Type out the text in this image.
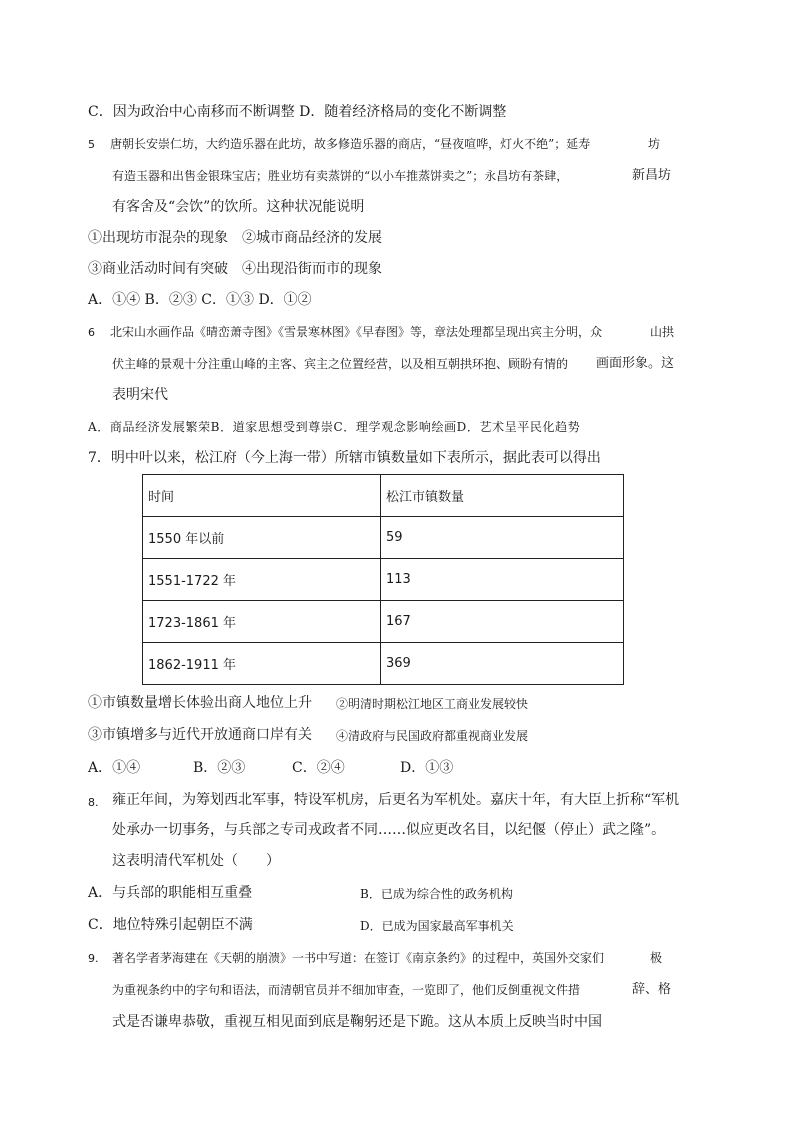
C．因为政治中心南移而不断调整 D．随着经济格局的变化不断调整
5 唐朝长安崇仁坊，大约造乐器在此坊，故多修造乐器的商店，“昼夜喧哗，灯火不绝”；延寿	坊
有造玉器和出售金银珠宝店；胜业坊有卖蒸饼的“以小车推蒸饼卖之”；永昌坊有茶肆，	新昌坊
有客舍及“会饮”的饮所。这种状况能说明
①出现坊市混杂的现象　②城市商品经济的发展
③商业活动时间有突破　④出现沿街而市的现象
A．①④ B．②③ C．①③ D．①②
6 北宋山水画作品《晴峦萧寺图》《雪景寒林图》《早春图》等，章法处理都呈现出宾主分明，众	山拱
伏主峰的景观十分注重山峰的主客、宾主之位置经营，以及相互朝拱环抱、顾盼有情的 画面形象。这
表明宋代
A．商品经济发展繁荣B．道家思想受到尊崇C．理学观念影响绘画D．艺术呈平民化趋势
7．明中叶以来，松江府（今上海一带）所辖市镇数量如下表所示，据此表可以得出
时间	松江市镇数量
1550 年以前	59
1551-1722 年	113
1723-1861 年	167
1862-1911 年	369
①市镇数量增长体验出商人地位上升 ②明清时期松江地区工商业发展较快
③市镇增多与近代开放通商口岸有关 ④清政府与民国政府都重视商业发展
A．①④	B．②③	C．②④	D．①③
8. 雍正年间，为筹划西北军事，特设军机房，后更名为军机处。嘉庆十年，有大臣上折称“军机
处承办一切事务，与兵部之专司戎政者不同……似应更改名目，以纪偃（停止）武之隆”。
这表明清代军机处（　　）
A．与兵部的职能相互重叠	B．已成为综合性的政务机构
C．地位特殊引起朝臣不满	D．已成为国家最高军事机关
9. 著名学者茅海建在《天朝的崩溃》一书中写道：在签订《南京条约》的过程中，英国外交家们	极
为重视条约中的字句和语法，而清朝官员并不细加审查，一览即了，他们反倒重视文件措	辞、格
式是否谦卑恭敬，重视互相见面到底是鞠躬还是下跪。这从本质上反映当时中国
